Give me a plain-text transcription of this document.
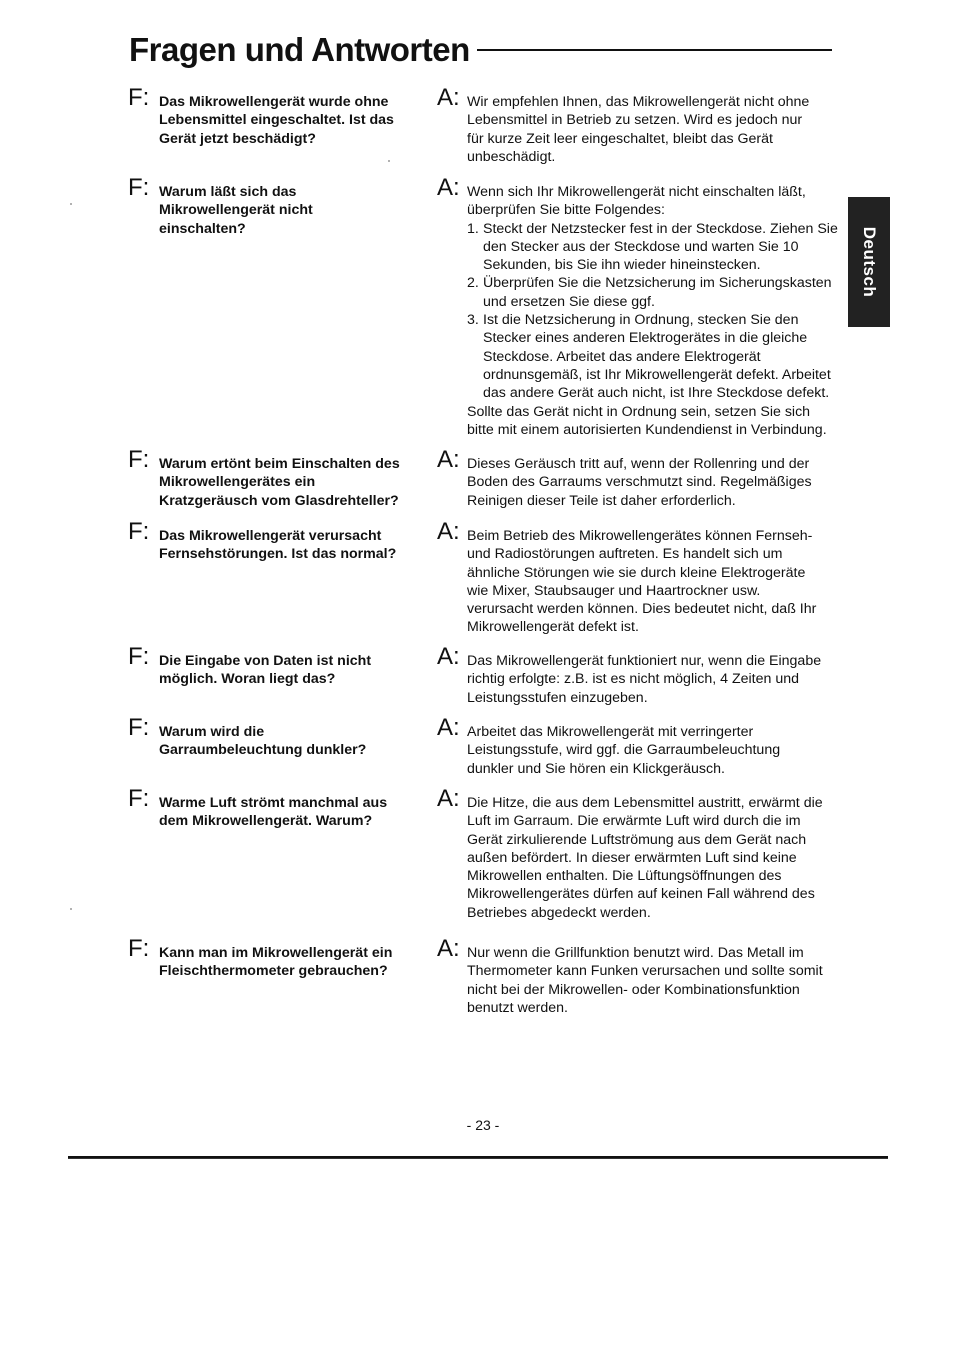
Fragen und Antworten
Deutsch
F: Das Mikrowellengerät wurde ohne Lebensmittel eingeschaltet. Ist das Gerät jetzt beschädigt?
A: Wir empfehlen Ihnen, das Mikrowellengerät nicht ohne Lebensmittel in Betrieb zu setzen. Wird es jedoch nur für kurze Zeit leer eingeschaltet, bleibt das Gerät unbeschädigt.
F: Warum läßt sich das Mikrowellengerät nicht einschalten?
A: Wenn sich Ihr Mikrowellengerät nicht einschalten läßt, überprüfen Sie bitte Folgendes:

1. Steckt der Netzstecker fest in der Steckdose. Ziehen Sie den Stecker aus der Steckdose und warten Sie 10 Sekunden, bis Sie ihn wieder hineinstecken.
2. Überprüfen Sie die Netzsicherung im Sicherungskasten und ersetzen Sie diese ggf.
3. Ist die Netzsicherung in Ordnung, stecken Sie den Stecker eines anderen Elektrogerätes in die gleiche Steckdose. Arbeitet das andere Elektrogerät ordnunsgemäß, ist Ihr Mikrowellengerät defekt. Arbeitet das andere Gerät auch nicht, ist Ihre Steckdose defekt.

Sollte das Gerät nicht in Ordnung sein, setzen Sie sich bitte mit einem autorisierten Kundendienst in Verbindung.

F: Warum ertönt beim Einschalten des Mikrowellengerätes ein Kratzgeräusch vom Glasdrehteller?
A: Dieses Geräusch tritt auf, wenn der Rollenring und der Boden des Garraums verschmutzt sind. Regelmäßiges Reinigen dieser Teile ist daher erforderlich.
F: Das Mikrowellengerät verursacht Fernsehstörungen. Ist das normal?
A: Beim Betrieb des Mikrowellengerätes können Fernseh- und Radiostörungen auftreten. Es handelt sich um ähnliche Störungen wie sie durch kleine Elektrogeräte wie Mixer, Staubsauger und Haartrockner usw. verursacht werden können. Dies bedeutet nicht, daß Ihr Mikrowellengerät defekt ist.
F: Die Eingabe von Daten ist nicht möglich. Woran liegt das?
A: Das Mikrowellengerät funktioniert nur, wenn die Eingabe richtig erfolgte: z.B. ist es nicht möglich, 4 Zeiten und Leistungsstufen einzugeben.
F: Warum wird die Garraumbeleuchtung dunkler?
A: Arbeitet das Mikrowellengerät mit verringerter Leistungsstufe, wird ggf. die Garraumbeleuchtung dunkler und Sie hören ein Klickgeräusch.
F: Warme Luft strömt manchmal aus dem Mikrowellengerät. Warum?
A: Die Hitze, die aus dem Lebensmittel austritt, erwärmt die Luft im Garraum. Die erwärmte Luft wird durch die im Gerät zirkulierende Luftströmung aus dem Gerät nach außen befördert. In dieser erwärmten Luft sind keine Mikrowellen enthalten. Die Lüftungsöffnungen des Mikrowellengerätes dürfen auf keinen Fall während des Betriebes abgedeckt werden.
F: Kann man im Mikrowellengerät ein Fleischthermometer gebrauchen?
A: Nur wenn die Grillfunktion benutzt wird. Das Metall im Thermometer kann Funken verursachen und sollte somit nicht bei der Mikrowellen- oder Kombinationsfunktion benutzt werden.
- 23 -
